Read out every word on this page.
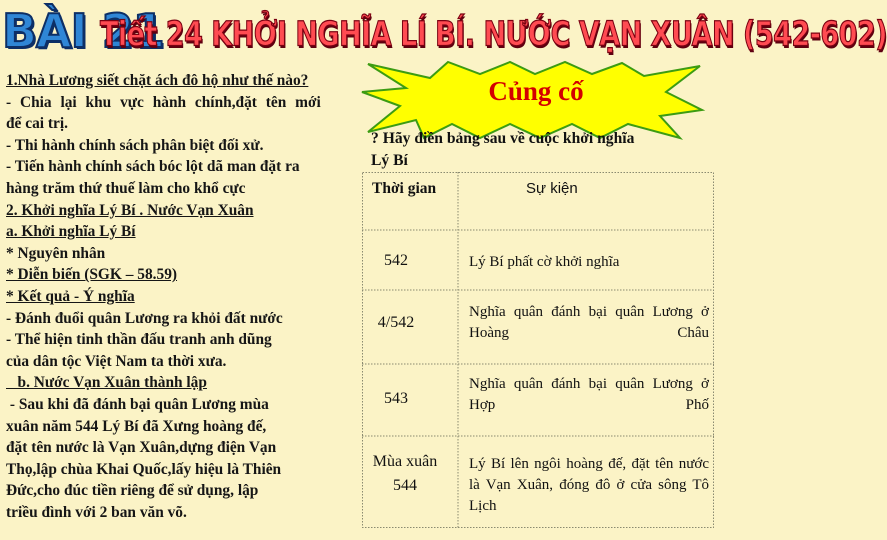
BÀI 21
Tiết 24 KHỞI NGHĨA LÍ BÍ. NƯỚC VẠN XUÂN (542-602)
1.Nhà Lương siết chặt ách đô hộ như thế nào?
- Chia lại khu vực hành chính,đặt tên mới
để cai trị.
- Thi hành chính sách phân biệt đối xử.
- Tiến hành chính sách bóc lột dã man đặt ra
hàng trăm thứ thuế làm cho khổ cực
2. Khởi nghĩa Lý Bí . Nước Vạn Xuân
a. Khởi nghĩa Lý Bí
* Nguyên nhân
* Diễn biến (SGK – 58.59)
* Kết quả - Ý nghĩa
- Đánh đuổi quân Lương ra khỏi đất nước
- Thể hiện tinh thần đấu tranh anh dũng
của dân tộc Việt Nam ta thời xưa.
b. Nước Vạn Xuân thành lập
- Sau khi đã đánh bại quân Lương mùa
xuân năm 544 Lý Bí đã Xưng hoàng đế,
đặt tên nước là Vạn Xuân,dựng điện Vạn
Thọ,lập chùa Khai Quốc,lấy hiệu là Thiên
Đức,cho đúc tiền riêng để sử dụng, lập
triều đình với 2 ban văn võ.
Củng cố
? Hãy điền bảng sau về cuộc khởi nghĩa
Lý Bí
Thời gian	Sự kiện
542	Lý Bí phất cờ khởi nghĩa
4/542
Nghĩa quân đánh bại quân Lương ở Hoàng Châu
543
Nghĩa quân đánh bại quân Lương ở Hợp Phố
Mùa xuân 544
Lý Bí lên ngôi hoàng đế, đặt tên nước là Vạn Xuân, đóng đô ở cửa sông Tô Lịch
